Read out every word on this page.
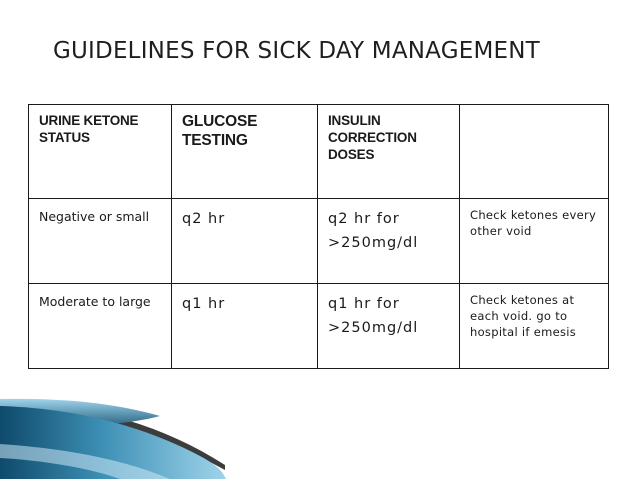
GUIDELINES FOR SICK DAY MANAGEMENT
URINE KETONE STATUS	GLUCOSE TESTING	INSULIN CORRECTION DOSES	

Negative or small	q2 hr	q2 hr for >250mg/dl	Check ketones every other void

Moderate to large	q1 hr	q1 hr for >250mg/dl	Check ketones at each void. go to hospital if emesis
